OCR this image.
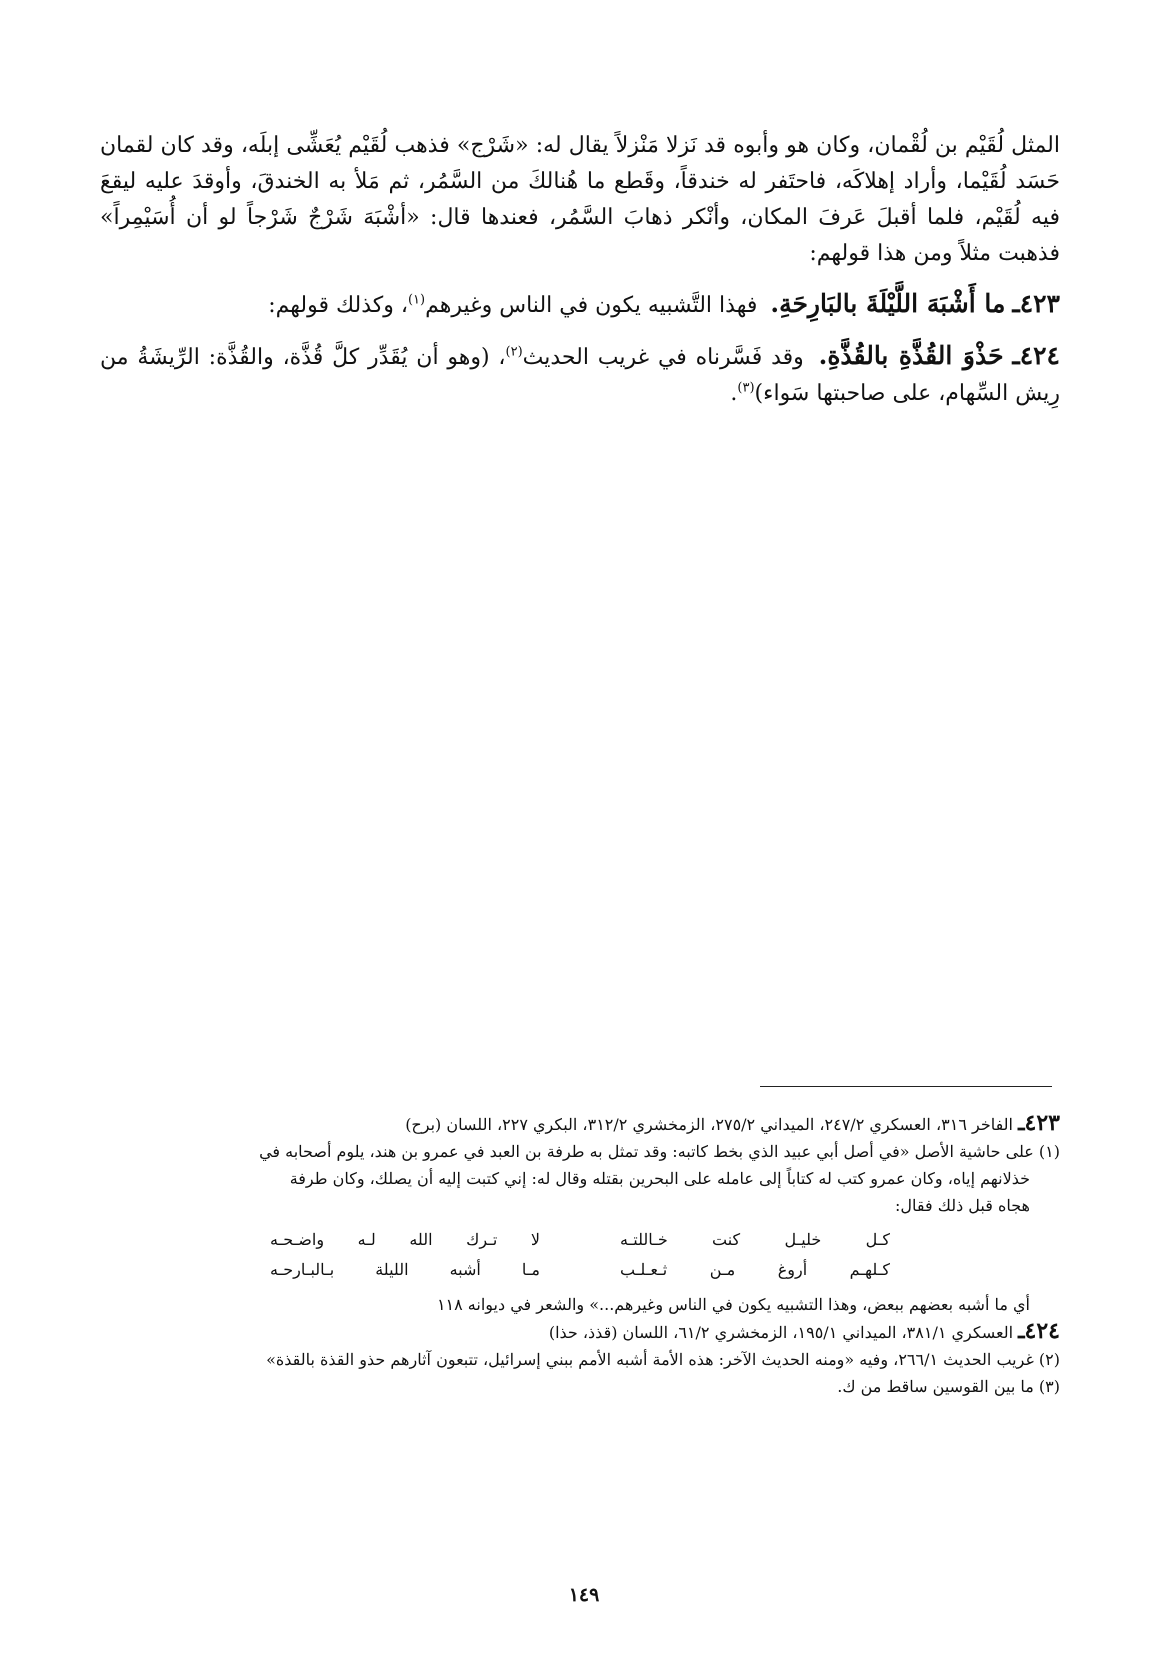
المثل لُقَيْم بن لُقْمان، وكان هو وأبوه قد نَزلا مَنْزلاً يقال له: «شَرْج» فذهب لُقَيْم يُعَشِّى إبلَه، وقد كان لقمان حَسَد لُقَيْما، وأراد إهلاكَه، فاحتَفر له خندقاً، وقَطع ما هُنالكَ من السَّمُر، ثم مَلأ به الخندقَ، وأوقدَ عليه ليقعَ فيه لُقَيْم، فلما أقبلَ عَرفَ المكان، وأنْكر ذهابَ السَّمُر، فعندها قال: «أشْبَهَ شَرْجٌ شَرْجاً لو أن أُسَيْمِراً» فذهبت مثلاً ومن هذا قولهم:

٤٢٣ـ ما أَشْبَهَ اللَّيْلَةَ بالبَارِحَةِ. فهذا التَّشبيه يكون في الناس وغيرهم$^{(١)}$، وكذلك قولهم:

٤٢٤ـ حَذْوَ القُذَّةِ بالقُذَّةِ. وقد فَسَّرناه في غريب الحديث$^{(٢)}$، (وهو أن يُقَدِّر كلَّ قُذَّة، والقُذَّة: الرِّيشَةُ من رِيش السِّهام، على صاحبتها سَواء)$^{(٣)}$.

٤٢٣ـ الفاخر ٣١٦، العسكري ٢٤٧/٢، الميداني ٢٧٥/٢، الزمخشري ٣١٢/٢، البكري ٢٢٧، اللسان (برح)

(١) على حاشية الأصل «في أصل أبي عبيد الذي بخط كاتبه: وقد تمثل به طرفة بن العبد في عمرو بن هند، يلوم أصحابه في

خذلانهم إياه، وكان عمرو كتب له كتاباً إلى عامله على البحرين بقتله وقال له: إني كتبت إليه أن يصلك، وكان طرفة

هجاه قبل ذلك فقال:

كـل خليـل كنت خـاللتـه
لا تـرك الله لـه واضـحـه
كـلهـم أروغ مـن ثـعـلـب
مـا أشبه الليلة بـالبـارحـه

أي ما أشبه بعضهم ببعض، وهذا التشبيه يكون في الناس وغيرهم...» والشعر في ديوانه ١١٨

٤٢٤ـ العسكري ٣٨١/١، الميداني ١٩٥/١، الزمخشري ٦١/٢، اللسان (قذذ، حذا)

(٢) غريب الحديث ٢٦٦/١، وفيه «ومنه الحديث الآخر: هذه الأمة أشبه الأمم ببني إسرائيل، تتبعون آثارهم حذو القذة بالقذة»

(٣) ما بين القوسين ساقط من ك.

١٤٩
